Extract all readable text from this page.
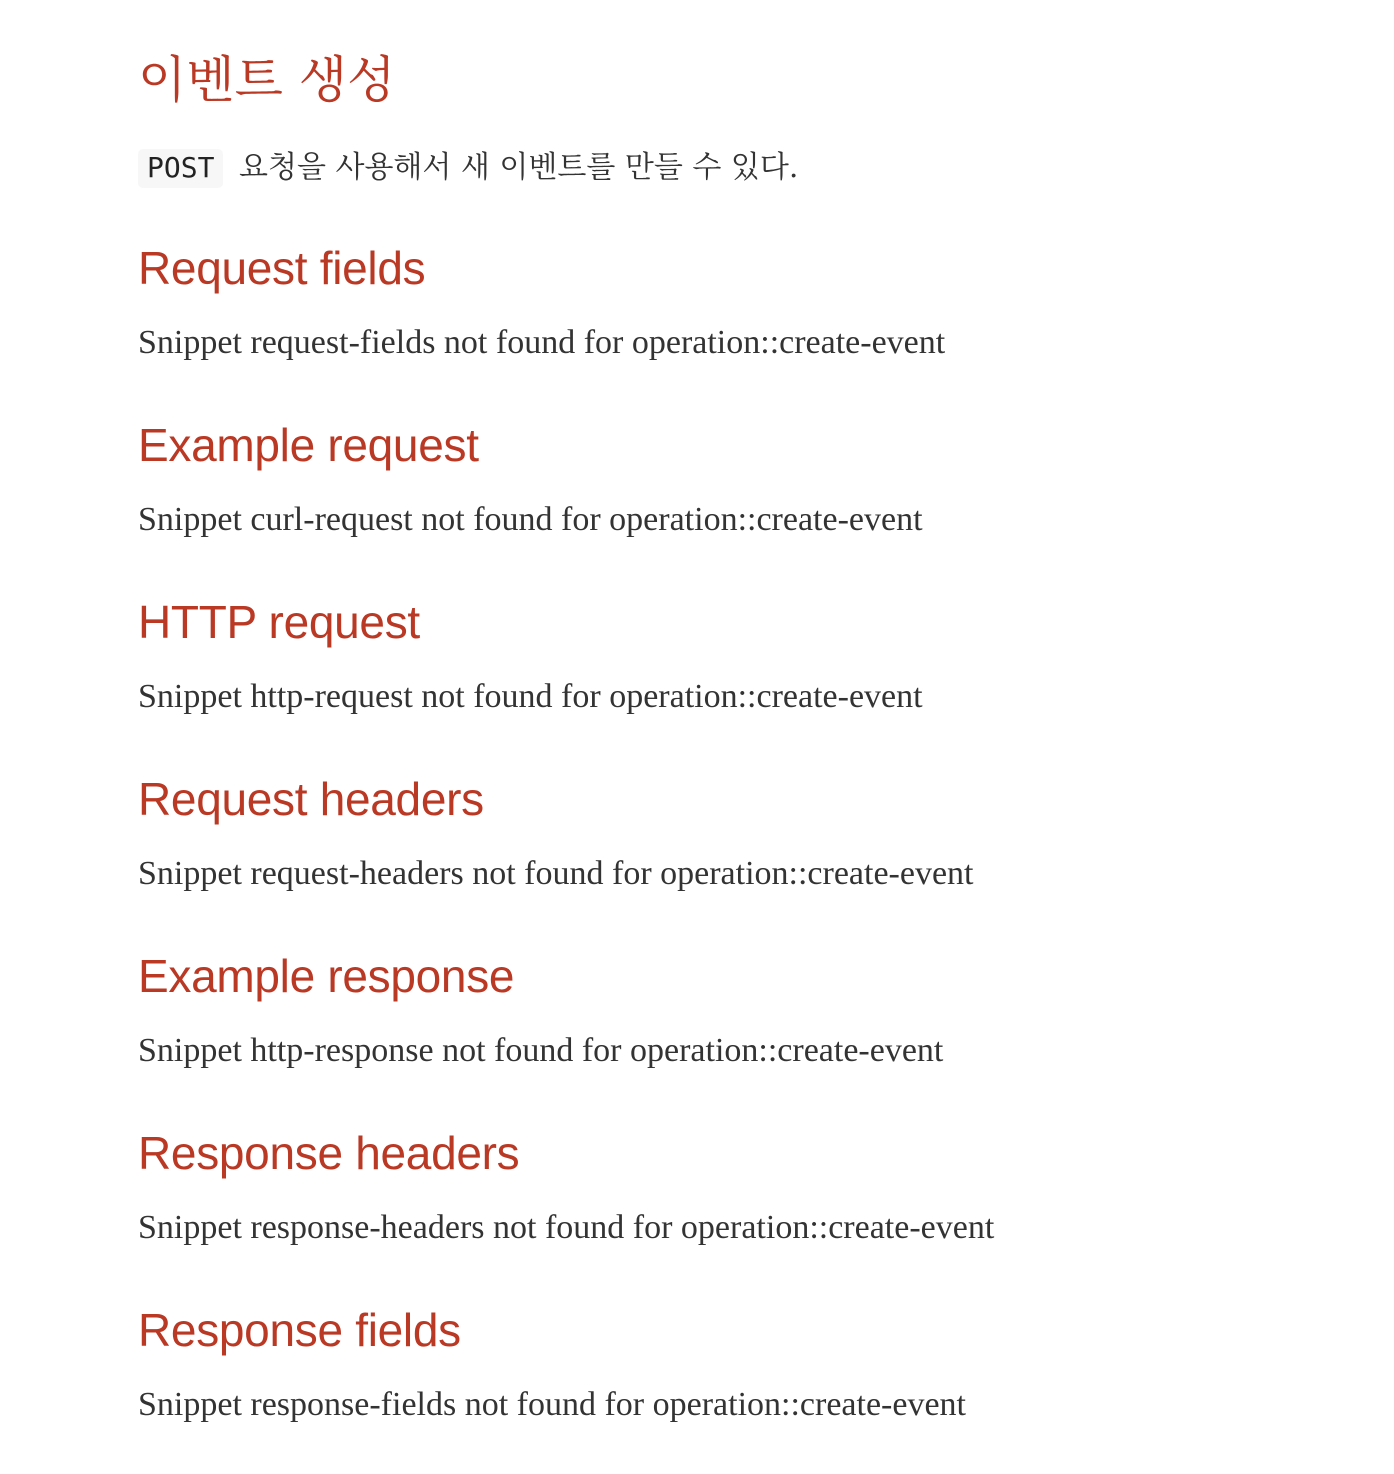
이벤트 생성

POST 요청을 사용해서 새 이벤트를 만들 수 있다.

Request fields

Snippet request-fields not found for operation::create-event

Example request

Snippet curl-request not found for operation::create-event

HTTP request

Snippet http-request not found for operation::create-event

Request headers

Snippet request-headers not found for operation::create-event

Example response

Snippet http-response not found for operation::create-event

Response headers

Snippet response-headers not found for operation::create-event

Response fields

Snippet response-fields not found for operation::create-event
